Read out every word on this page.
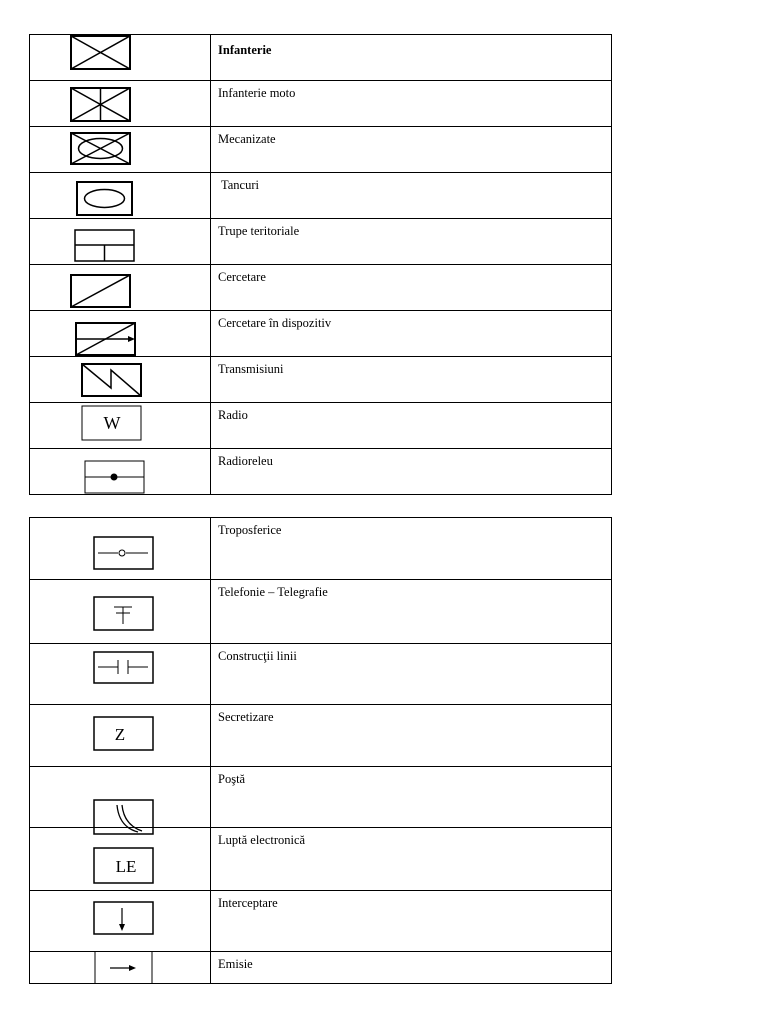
	Infanterie

	Infanterie moto

	Mecanizate

	Tancuri

	Trupe teritoriale

	Cercetare

	Cercetare în dispozitiv

	Transmisiuni

W	Radio

	Radioreleu
	Troposferice

	Telefonie – Telegrafie

	Construcţii linii

Z	Secretizare

	Poştă

LE	Luptă electronică

	Interceptare

	Emisie
